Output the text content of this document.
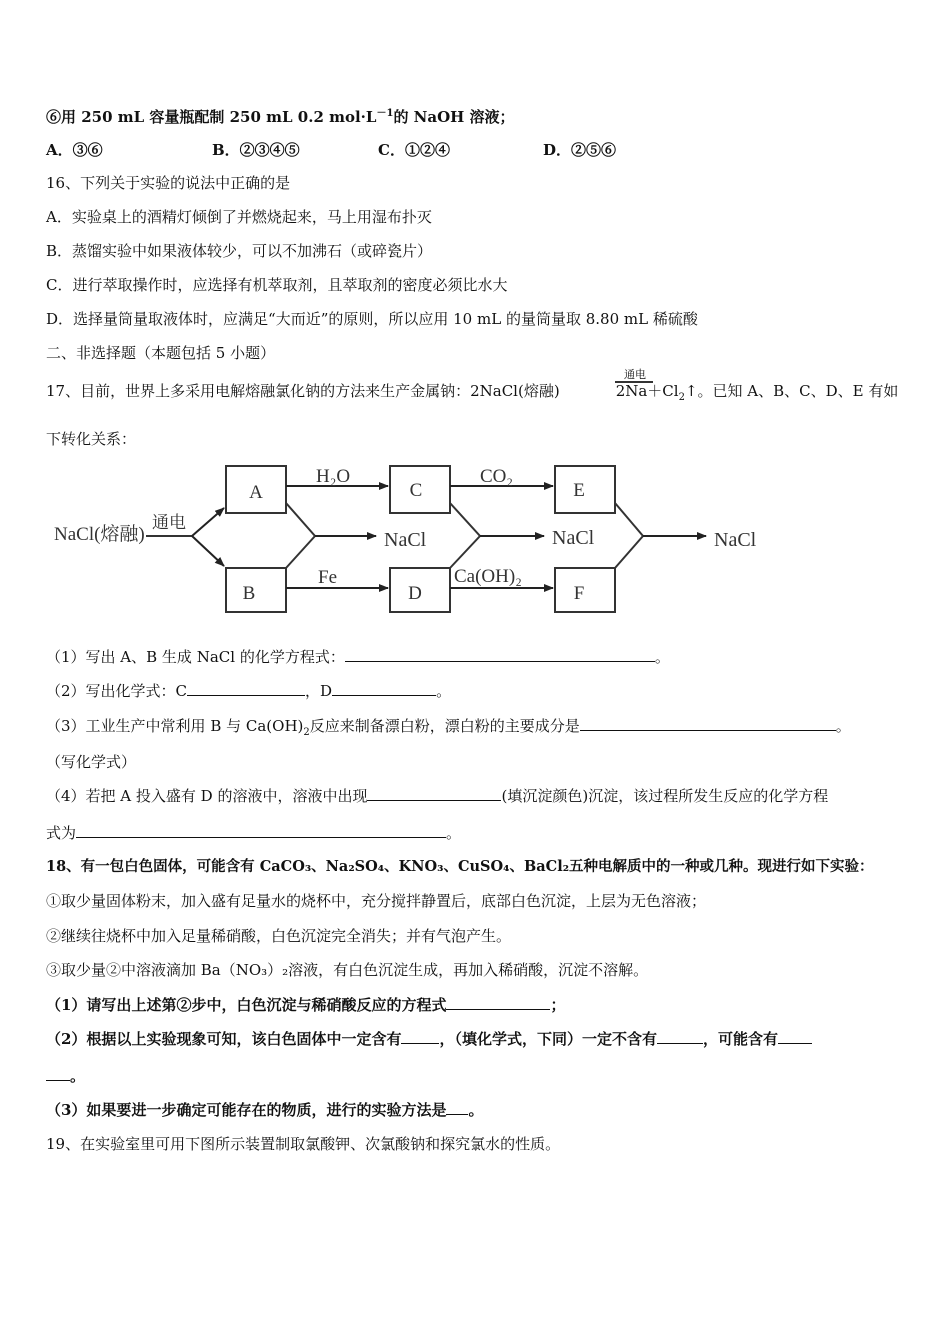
⑥用 250 mL 容量瓶配制 250 mL 0.2 $mol\cdot L^{-1}$的 NaOH 溶液；
A．③⑥	B．②③④⑤	C．①②④	D．②⑤⑥
16、下列关于实验的说法中正确的是
A．实验桌上的酒精灯倾倒了并燃烧起来，马上用湿布扑灭
B．蒸馏实验中如果液体较少，可以不加沸石（或碎瓷片）
C．进行萃取操作时，应选择有机萃取剂，且萃取剂的密度必须比水大
D．选择量筒量取液体时，应满足“大而近”的原则，所以应用 10 mL 的量筒量取 8.80 mL 稀硫酸
二、非选择题（本题包括 5 小题）
17、目前，世界上多采用电解熔融氯化钠的方法来生产金属钠：2NaCl(熔融)	$2Na+Cl_2↑$。已知 A、B、C、D、E 有如
通电
下转化关系：
NaCl(熔融)
通电
A
B
C
D
E
F
H₂O	CO₂
Fe	Ca(OH)₂
NaCl	NaCl	NaCl
（1）写出 A、B 生成 NaCl 的化学方程式：	。
（2）写出化学式：C	，D	。
（3）工业生产中常利用 B 与 $Ca(OH)_2$反应来制备漂白粉，漂白粉的主要成分是	。
（写化学式）
（4）若把 A 投入盛有 D 的溶液中，溶液中出现	(填沉淀颜色)沉淀，该过程所发生反应的化学方程
式为	。
18、有一包白色固体，可能含有 CaCO₃、Na₂SO₄、KNO₃、CuSO₄、BaCl₂五种电解质中的一种或几种。现进行如下实验：
①取少量固体粉末，加入盛有足量水的烧杯中，充分搅拌静置后，底部白色沉淀，上层为无色溶液；
②继续往烧杯中加入足量稀硝酸，白色沉淀完全消失；并有气泡产生。
③取少量②中溶液滴加 Ba（NO₃）₂溶液，有白色沉淀生成，再加入稀硝酸，沉淀不溶解。
（1）请写出上述第②步中，白色沉淀与稀硝酸反应的方程式	；
（2）根据以上实验现象可知，该白色固体中一定含有	，（填化学式，下同）一定不含有	，可能含有
。
（3）如果要进一步确定可能存在的物质，进行的实验方法是 。
19、在实验室里可用下图所示装置制取氯酸钾、次氯酸钠和探究氯水的性质。
